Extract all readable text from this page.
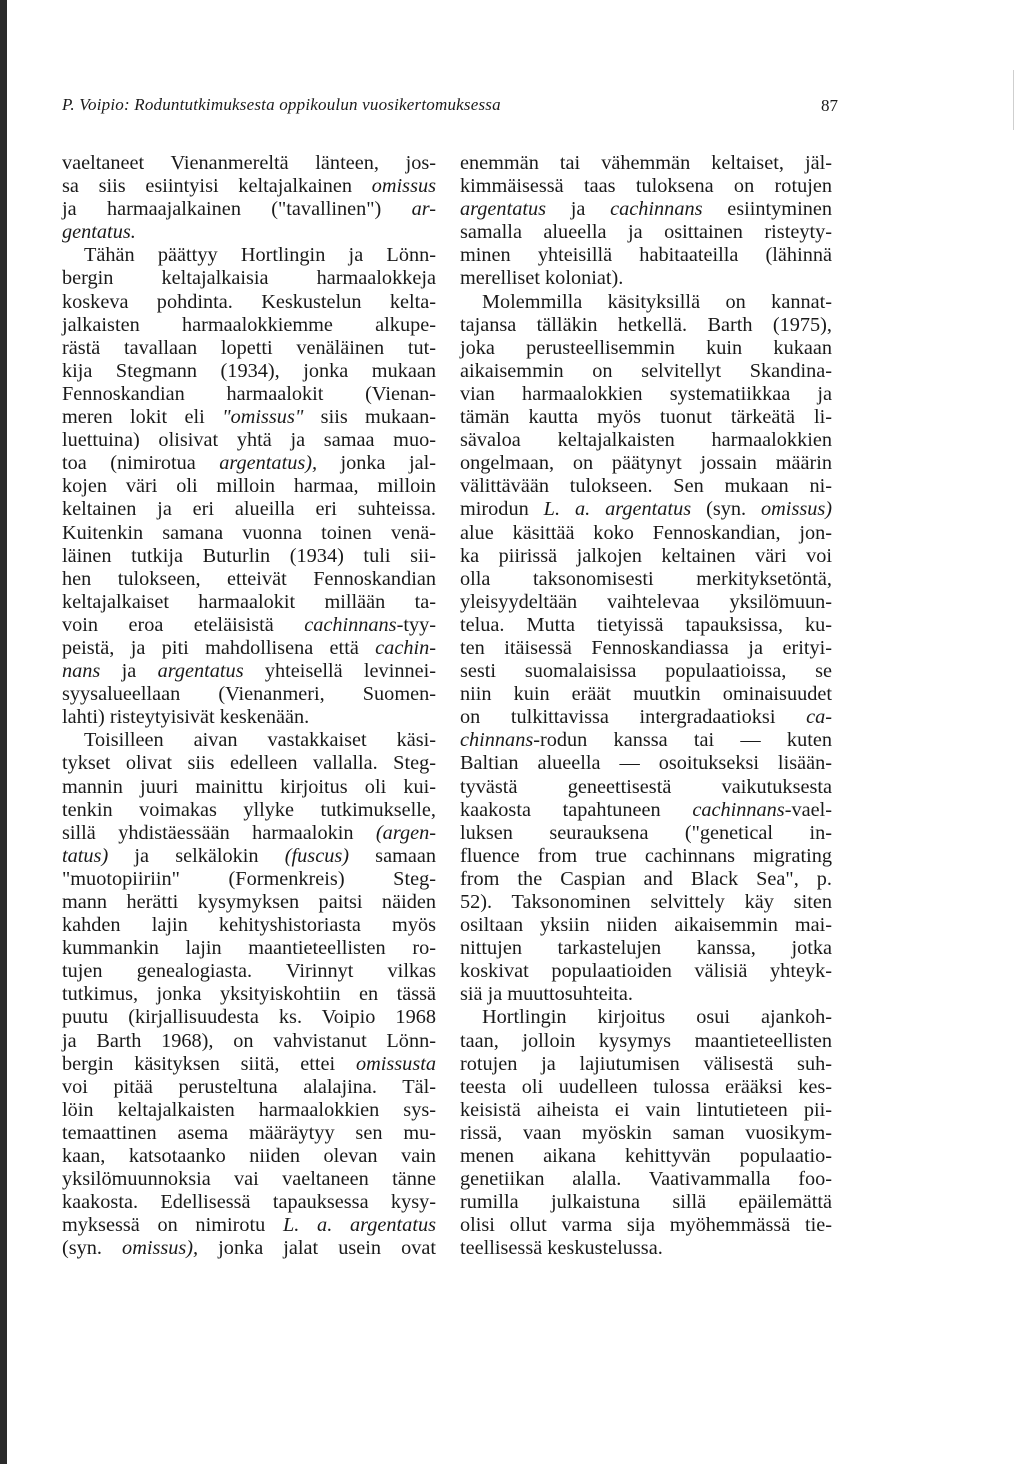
P. Voipio: Roduntutkimuksesta oppikoulun vuosikertomuksessa	87
vaeltaneet Vienanmereltä länteen, jos-
sa siis esiintyisi keltajalkainen omissus
ja harmaajalkainen ("tavallinen") ar-
gentatus.
Tähän päättyy Hortlingin ja Lönn-
bergin keltajalkaisia harmaalokkeja
koskeva pohdinta. Keskustelun kelta-
jalkaisten harmaalokkiemme alkupe-
rästä tavallaan lopetti venäläinen tut-
kija Stegmann (1934), jonka mukaan
Fennoskandian harmaalokit (Vienan-
meren lokit eli "omissus" siis mukaan-
luettuina) olisivat yhtä ja samaa muo-
toa (nimirotua argentatus), jonka jal-
kojen väri oli milloin harmaa, milloin
keltainen ja eri alueilla eri suhteissa.
Kuitenkin samana vuonna toinen venä-
läinen tutkija Buturlin (1934) tuli sii-
hen tulokseen, etteivät Fennoskandian
keltajalkaiset harmaalokit millään ta-
voin eroa eteläisistä cachinnans-tyy-
peistä, ja piti mahdollisena että cachin-
nans ja argentatus yhteisellä levinnei-
syysalueellaan (Vienanmeri, Suomen-
lahti) risteytyisivät keskenään.
Toisilleen aivan vastakkaiset käsi-
tykset olivat siis edelleen vallalla. Steg-
mannin juuri mainittu kirjoitus oli kui-
tenkin voimakas yllyke tutkimukselle,
sillä yhdistäessään harmaalokin (argen-
tatus) ja selkälokin (fuscus) samaan
"muotopiiriin" (Formenkreis) Steg-
mann herätti kysymyksen paitsi näiden
kahden lajin kehityshistoriasta myös
kummankin lajin maantieteellisten ro-
tujen genealogiasta. Virinnyt vilkas
tutkimus, jonka yksityiskohtiin en tässä
puutu (kirjallisuudesta ks. Voipio 1968
ja Barth 1968), on vahvistanut Lönn-
bergin käsityksen siitä, ettei omissusta
voi pitää perusteltuna alalajina. Täl-
löin keltajalkaisten harmaalokkien sys-
temaattinen asema määräytyy sen mu-
kaan, katsotaanko niiden olevan vain
yksilömuunnoksia vai vaeltaneen tänne
kaakosta. Edellisessä tapauksessa kysy-
myksessä on nimirotu L. a. argentatus
(syn. omissus), jonka jalat usein ovat
enemmän tai vähemmän keltaiset, jäl-
kimmäisessä taas tuloksena on rotujen
argentatus ja cachinnans esiintyminen
samalla alueella ja osittainen risteyty-
minen yhteisillä habitaateilla (lähinnä
merelliset koloniat).
Molemmilla käsityksillä on kannat-
tajansa tälläkin hetkellä. Barth (1975),
joka perusteellisemmin kuin kukaan
aikaisemmin on selvitellyt Skandina-
vian harmaalokkien systematiikkaa ja
tämän kautta myös tuonut tärkeätä li-
sävaloa keltajalkaisten harmaalokkien
ongelmaan, on päätynyt jossain määrin
välittävään tulokseen. Sen mukaan ni-
mirodun L. a. argentatus (syn. omissus)
alue käsittää koko Fennoskandian, jon-
ka piirissä jalkojen keltainen väri voi
olla taksonomisesti merkityksetöntä,
yleisyydeltään vaihtelevaa yksilömuun-
telua. Mutta tietyissä tapauksissa, ku-
ten itäisessä Fennoskandiassa ja erityi-
sesti suomalaisissa populaatioissa, se
niin kuin eräät muutkin ominaisuudet
on tulkittavissa intergradaatioksi ca-
chinnans-rodun kanssa tai — kuten
Baltian alueella — osoitukseksi lisään-
tyvästä geneettisestä vaikutuksesta
kaakosta tapahtuneen cachinnans-vael-
luksen seurauksena ("genetical in-
fluence from true cachinnans migrating
from the Caspian and Black Sea", p.
52). Taksonominen selvittely käy siten
osiltaan yksiin niiden aikaisemmin mai-
nittujen tarkastelujen kanssa, jotka
koskivat populaatioiden välisiä yhteyk-
siä ja muuttosuhteita.
Hortlingin kirjoitus osui ajankoh-
taan, jolloin kysymys maantieteellisten
rotujen ja lajiutumisen välisestä suh-
teesta oli uudelleen tulossa erääksi kes-
keisistä aiheista ei vain lintutieteen pii-
rissä, vaan myöskin saman vuosikym-
menen aikana kehittyvän populaatio-
genetiikan alalla. Vaativammalla foo-
rumilla julkaistuna sillä epäilemättä
olisi ollut varma sija myöhemmässä tie-
teellisessä keskustelussa.
